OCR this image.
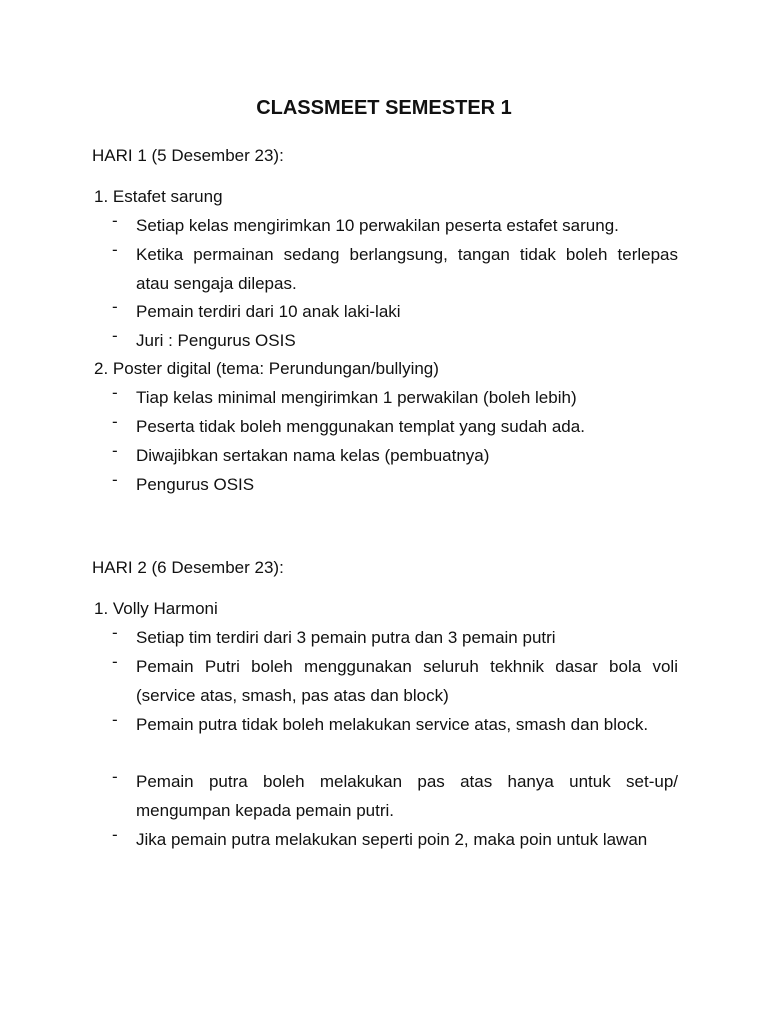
CLASSMEET SEMESTER 1
HARI 1 (5 Desember 23):
1. Estafet sarung
- Setiap kelas mengirimkan 10 perwakilan peserta estafet sarung.
- Ketika permainan sedang berlangsung, tangan tidak boleh terlepas atau sengaja dilepas.
- Pemain terdiri dari 10 anak laki-laki
- Juri : Pengurus OSIS
2. Poster digital (tema: Perundungan/bullying)
- Tiap kelas minimal mengirimkan 1 perwakilan (boleh lebih)
- Peserta tidak boleh menggunakan templat yang sudah ada.
- Diwajibkan sertakan nama kelas (pembuatnya)
- Pengurus OSIS
HARI 2 (6 Desember 23):
1. Volly Harmoni
- Setiap tim terdiri dari 3 pemain putra dan 3 pemain putri
- Pemain Putri boleh menggunakan seluruh tekhnik dasar bola voli (service atas, smash, pas atas dan block)
- Pemain putra tidak boleh melakukan service atas, smash dan block.
- Pemain putra boleh melakukan pas atas hanya untuk set-up/ mengumpan kepada pemain putri.
- Jika pemain putra melakukan seperti poin 2, maka poin untuk lawan
